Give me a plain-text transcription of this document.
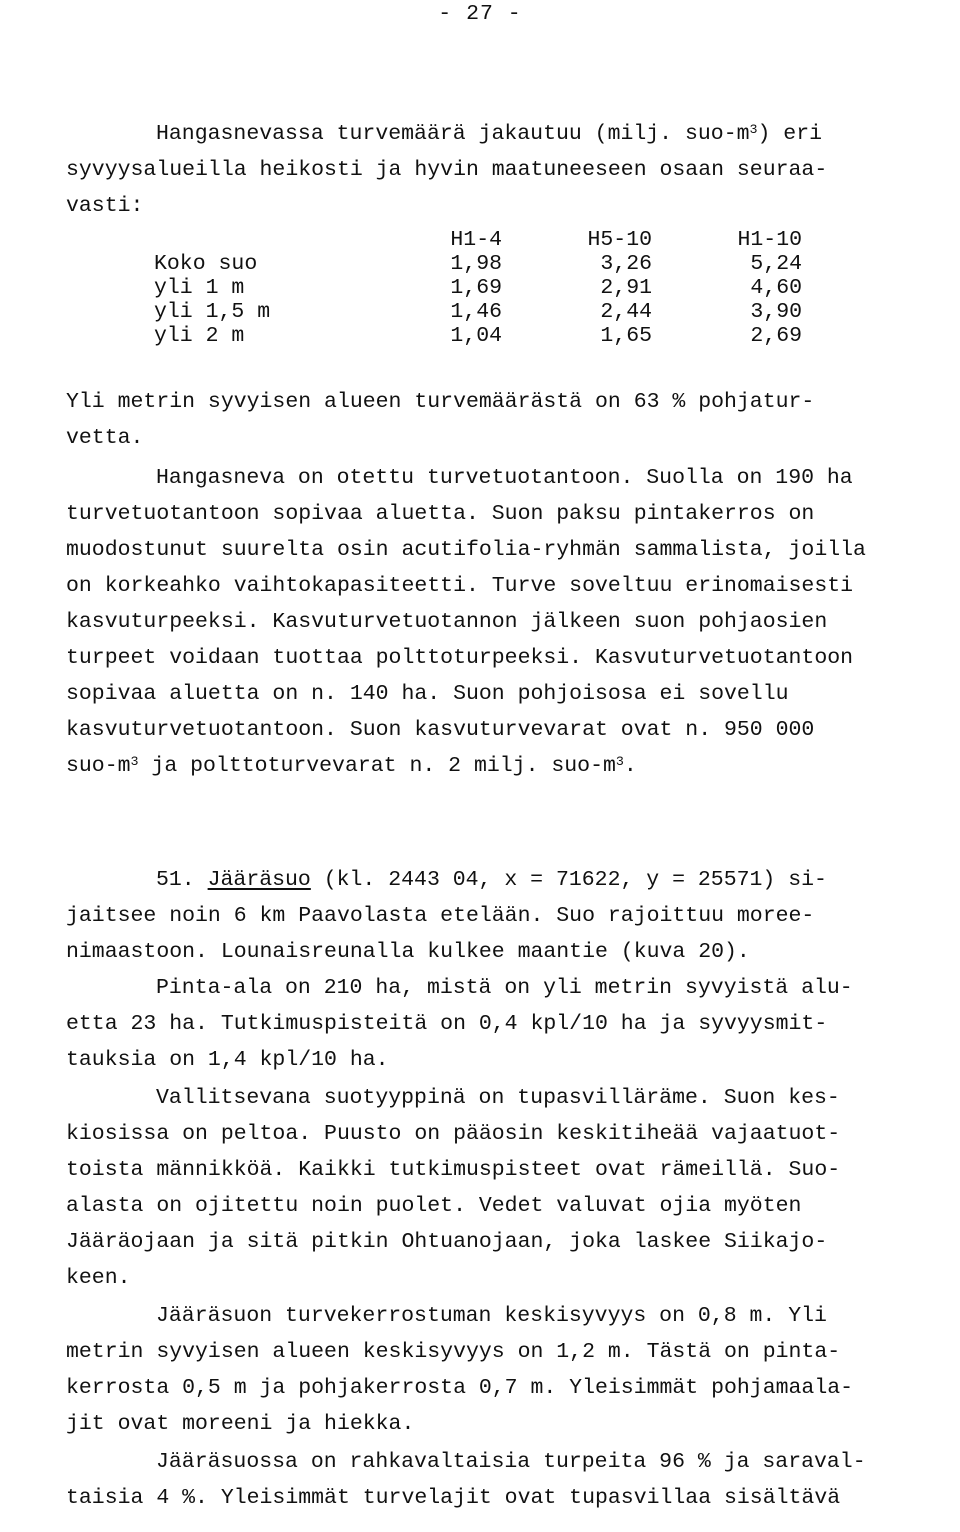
- 27 -
Hangasnevassa turvemäärä jakautuu (milj. suo-$m^3$) eri
syvyysalueilla heikosti ja hyvin maatuneeseen osaan seuraa-
vasti:
	H1-4	H5-10	H1-10
Koko suo	1,98	3,26	5,24
yli 1 m	1,69	2,91	4,60
yli 1,5 m	1,46	2,44	3,90
yli 2 m	1,04	1,65	2,69
Yli metrin syvyisen alueen turvemäärästä on 63 % pohjatur-
vetta.
Hangasneva on otettu turvetuotantoon. Suolla on 190 ha
turvetuotantoon sopivaa aluetta. Suon paksu pintakerros on
muodostunut suurelta osin acutifolia-ryhmän sammalista, joilla
on korkeahko vaihtokapasiteetti. Turve soveltuu erinomaisesti
kasvuturpeeksi. Kasvuturvetuotannon jälkeen suon pohjaosien
turpeet voidaan tuottaa polttoturpeeksi. Kasvuturvetuotantoon
sopivaa aluetta on n. 140 ha. Suon pohjoisosa ei sovellu
kasvuturvetuotantoon. Suon kasvuturvevarat ovat n. 950 000
suo-$m^3$ ja polttoturvevarat n. 2 milj. suo-$m^3$.
51. Jääräsuo (kl. 2443 04, x = 71622, y = 25571) si-
jaitsee noin 6 km Paavolasta etelään. Suo rajoittuu moree-
nimaastoon. Lounaisreunalla kulkee maantie (kuva 20).
Pinta-ala on 210 ha, mistä on yli metrin syvyistä alu-
etta 23 ha. Tutkimuspisteitä on 0,4 kpl/10 ha ja syvyysmit-
tauksia on 1,4 kpl/10 ha.
Vallitsevana suotyyppinä on tupasvilläräme. Suon kes-
kiosissa on peltoa. Puusto on pääosin keskitiheää vajaatuot-
toista männikköä. Kaikki tutkimuspisteet ovat rämeillä. Suo-
alasta on ojitettu noin puolet. Vedet valuvat ojia myöten
Jääräojaan ja sitä pitkin Ohtuanojaan, joka laskee Siikajo-
keen.
Jääräsuon turvekerrostuman keskisyvyys on 0,8 m. Yli
metrin syvyisen alueen keskisyvyys on 1,2 m. Tästä on pinta-
kerrosta 0,5 m ja pohjakerrosta 0,7 m. Yleisimmät pohjamaala-
jit ovat moreeni ja hiekka.
Jääräsuossa on rahkavaltaisia turpeita 96 % ja saraval-
taisia 4 %. Yleisimmät turvelajit ovat tupasvillaa sisältävä
